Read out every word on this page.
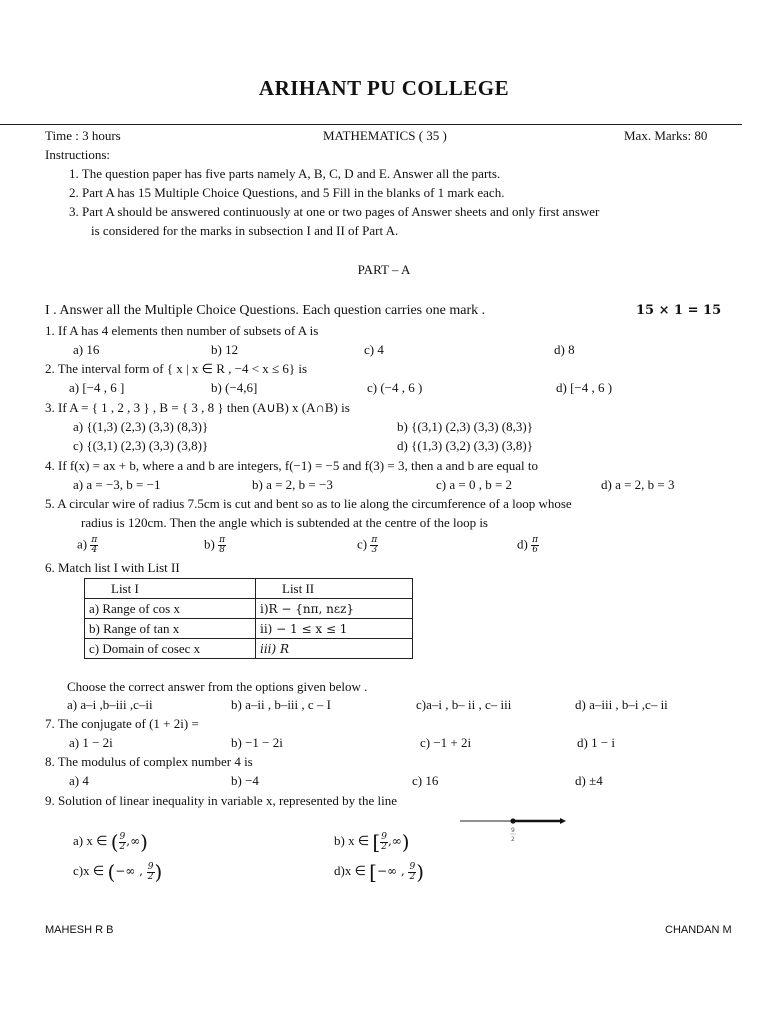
ARIHANT PU COLLEGE
Time : 3 hours	MATHEMATICS ( 35 )	Max. Marks: 80
Instructions:
1. The question paper has five parts namely A, B, C, D and E. Answer all the parts.
2. Part A has 15 Multiple Choice Questions, and 5 Fill in the blanks of 1 mark each.
3. Part A should be answered continuously at one or two pages of Answer sheets and only first answer
is considered for the marks in subsection I and II of Part A.
PART – A
I . Answer all the Multiple Choice Questions. Each question carries one mark .	15 × 1 = 15
1. If A has 4 elements then number of subsets of A is
a) 16	b) 12	c) 4	d) 8
2. The interval form of { x | x ∈ R , −4 < x ≤ 6} is
a) [−4 , 6 ]	b) (−4,6]	c) (−4 , 6 )	d) [−4 , 6 )
3. If A = { 1 , 2 , 3 } , B = { 3 , 8 } then (A∪B) x (A∩B) is
a) {(1,3) (2,3) (3,3) (8,3)}	b) {(3,1) (2,3) (3,3) (8,3)}
c) {(3,1) (2,3) (3,3) (3,8)}	d) {(1,3) (3,2) (3,3) (3,8)}
4. If f(x) = ax + b, where a and b are integers, f(−1) = −5 and f(3) = 3, then a and b are equal to
a) a = −3, b = −1	b) a = 2, b = −3	c) a = 0 , b = 2	d) a = 2, b = 3
5. A circular wire of radius 7.5cm is cut and bent so as to lie along the circumference of a loop whose
radius is 120cm. Then the angle which is subtended at the centre of the loop is
$a) \frac{\pi}{4}$	$b) \frac{\pi}{8}$	$c) \frac{\pi}{3}$	$d) \frac{\pi}{6}$
6. Match list I with List II
List I	List II
a) Range of cos x	i)R − {nπ, nεz}
b) Range of tan x	ii) − 1 ≤ x ≤ 1
c) Domain of cosec x	iii) R
Choose the correct answer from the options given below .
a) a–i ,b–iii ,c–ii	b) a–ii , b–iii , c – I	c)a–i , b– ii , c– iii	d) a–iii , b–i ,c– ii
7. The conjugate of (1 + 2i) =
a) 1 − 2i	b) −1 − 2i	c) −1 + 2i	d) 1 − i
8. The modulus of complex number 4 is
a) 4	b) −4	c) 16	d) ±4
9. Solution of linear inequality in variable x, represented by the line
9
2
a) x ∈ ( $\frac{9}{2}$ ,∞)	b) x ∈ [ $\frac{9}{2}$ ,∞)
c)x ∈ (−∞ , $\frac{9}{2}$ )	d)x ∈ [−∞ , $\frac{9}{2}$ )
MAHESH R B	CHANDAN M
